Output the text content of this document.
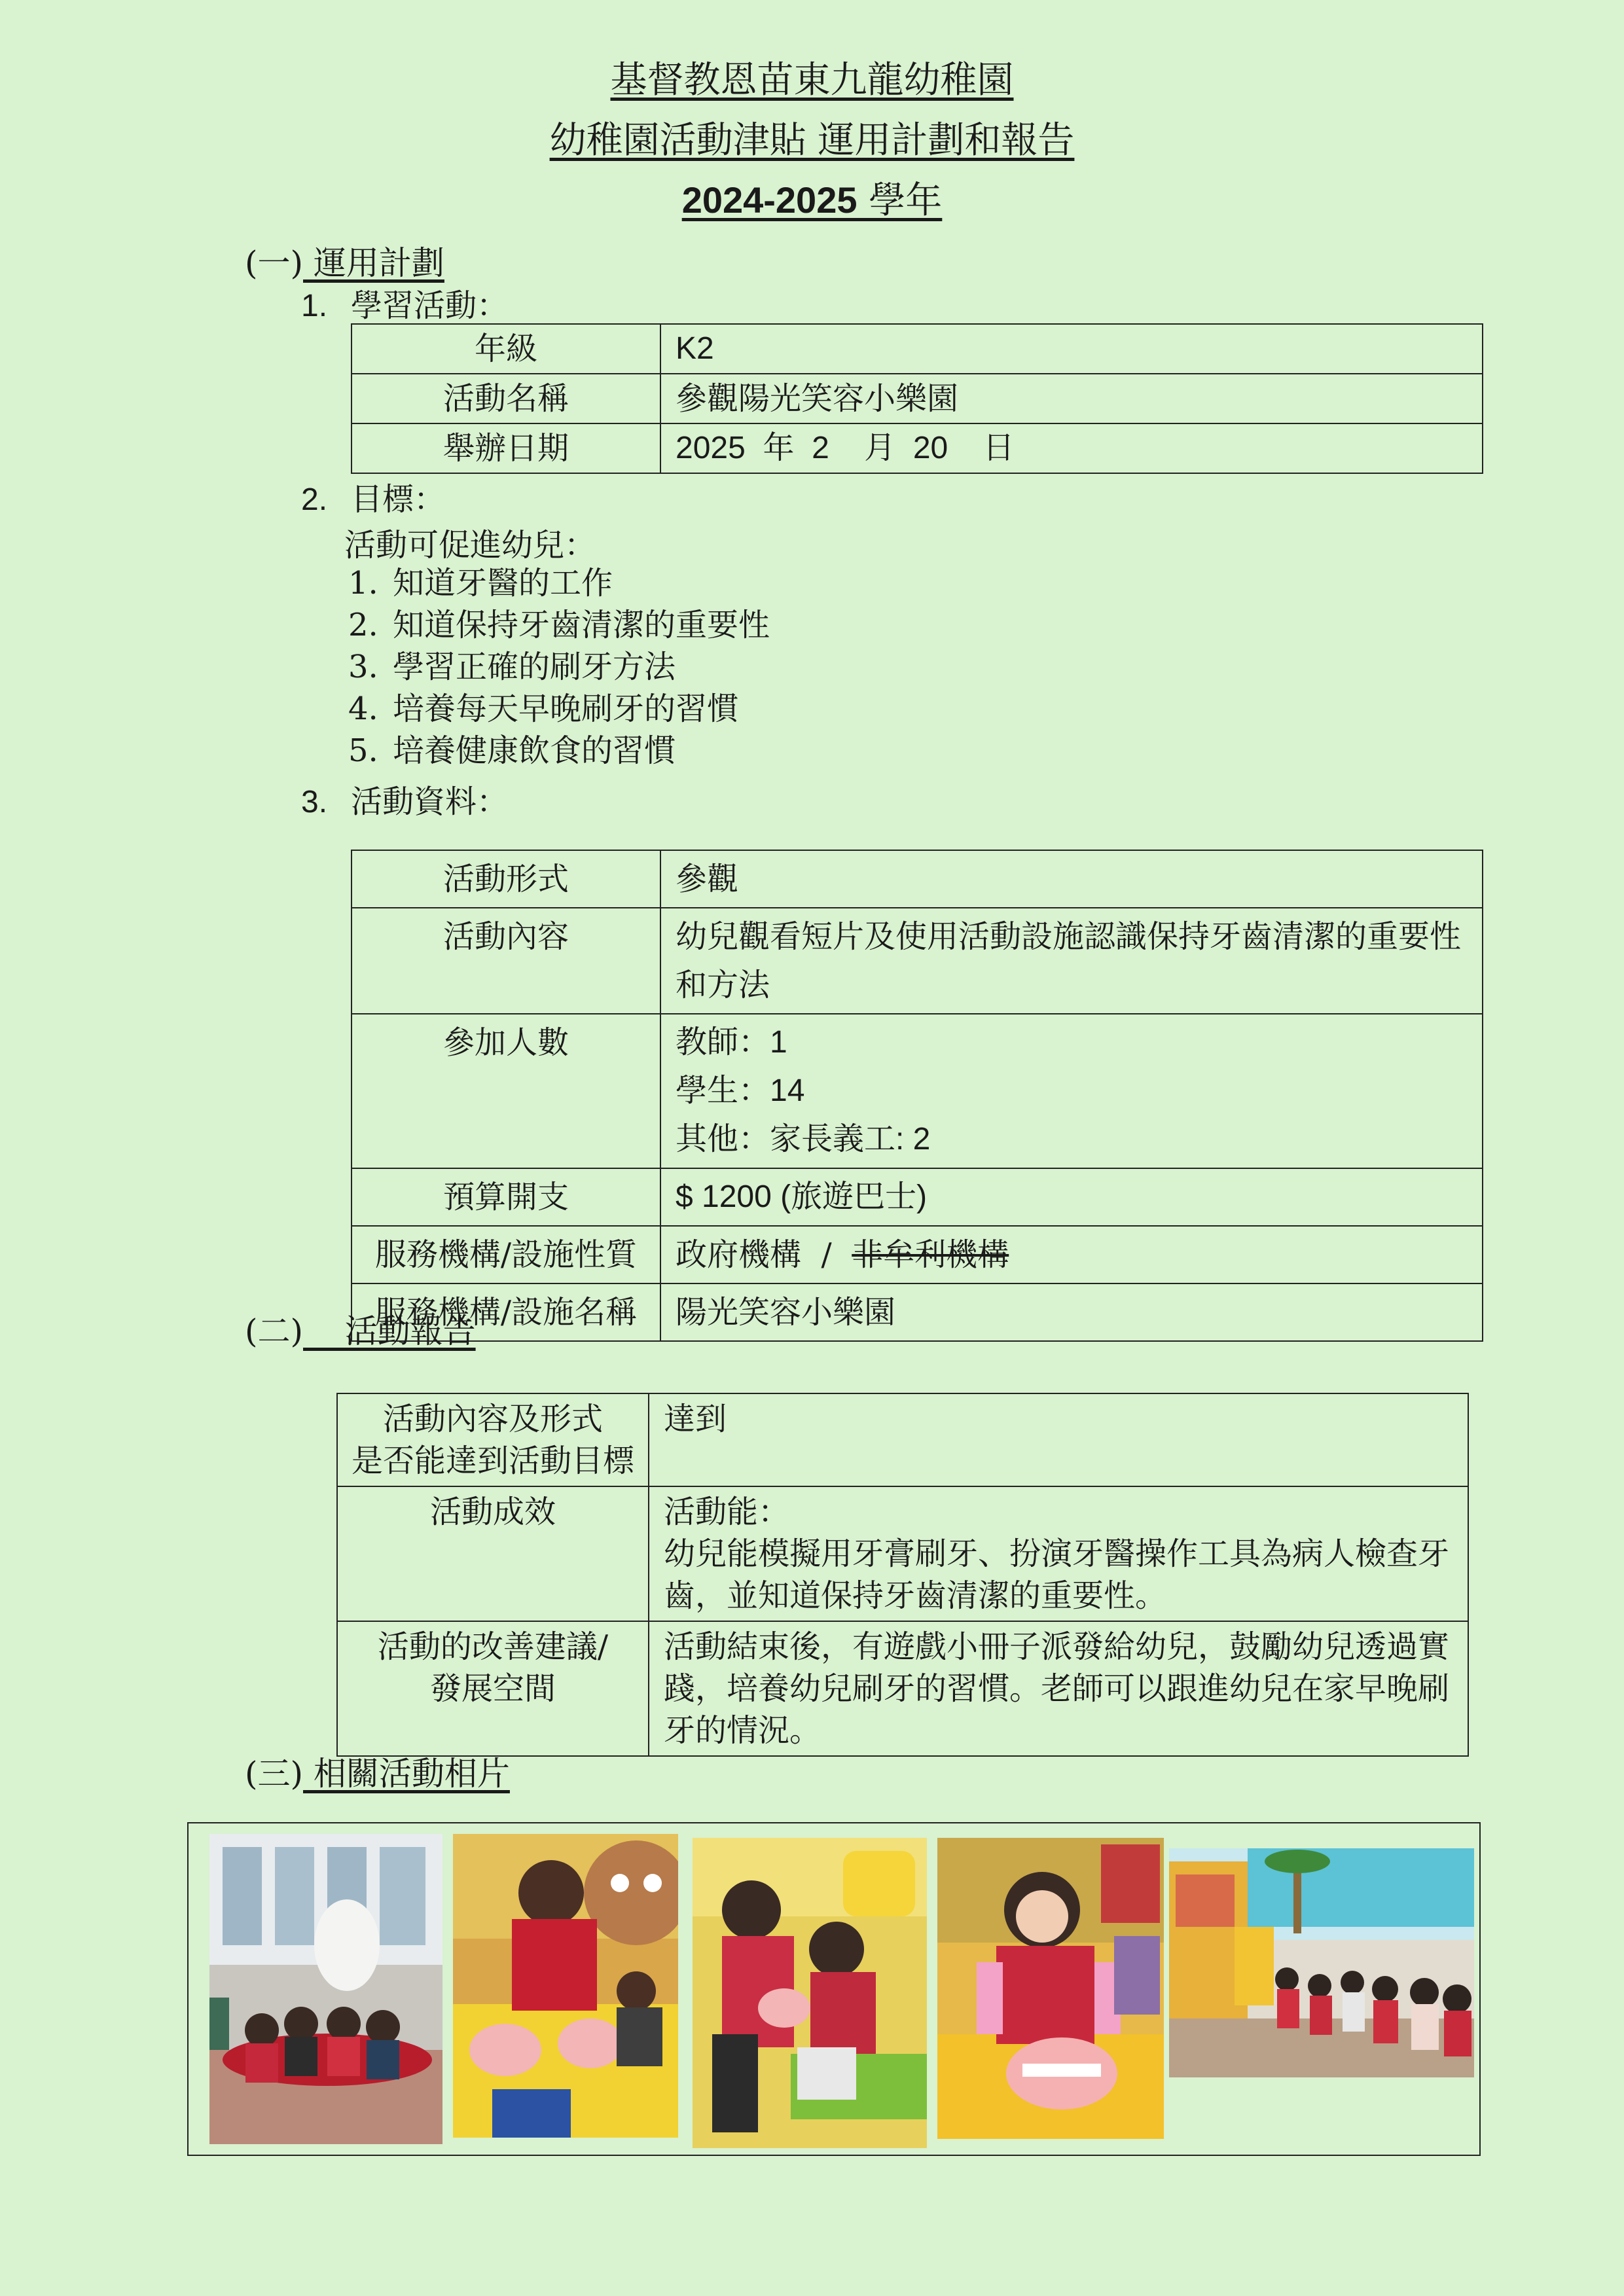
基督教恩苗東九龍幼稚園
幼稚園活動津貼 運用計劃和報告
2024-2025 學年
(一) 運用計劃
1. 學習活動：
年級	K2
活動名稱	參觀陽光笑容小樂園
舉辦日期	2025  年  2    月  20    日
2. 目標：
活動可促進幼兒：
1. 知道牙醫的工作
2. 知道保持牙齒清潔的重要性
3. 學習正確的刷牙方法
4. 培養每天早晚刷牙的習慣
5. 培養健康飲食的習慣
3. 活動資料：
活動形式	參觀
活動內容	幼兒觀看短片及使用活動設施認識保持牙齒清潔的重要性和方法
參加人數	教師：1
學生：14
其他：家長義工: 2

預算開支	$ 1200 (旅遊巴士)
服務機構/設施性質	政府機構  /  非牟利機構
服務機構/設施名稱	陽光笑容小樂園
(二)    活動報告
活動內容及形式
是否能達到活動目標	達到
活動成效	活動能：
幼兒能模擬用牙膏刷牙、扮演牙醫操作工具為病人檢查牙齒，並知道保持牙齒清潔的重要性。

活動的改善建議/
發展空間	活動結束後，有遊戲小冊子派發給幼兒，鼓勵幼兒透過實踐，培養幼兒刷牙的習慣。老師可以跟進幼兒在家早晚刷牙的情況。
(三) 相關活動相片
